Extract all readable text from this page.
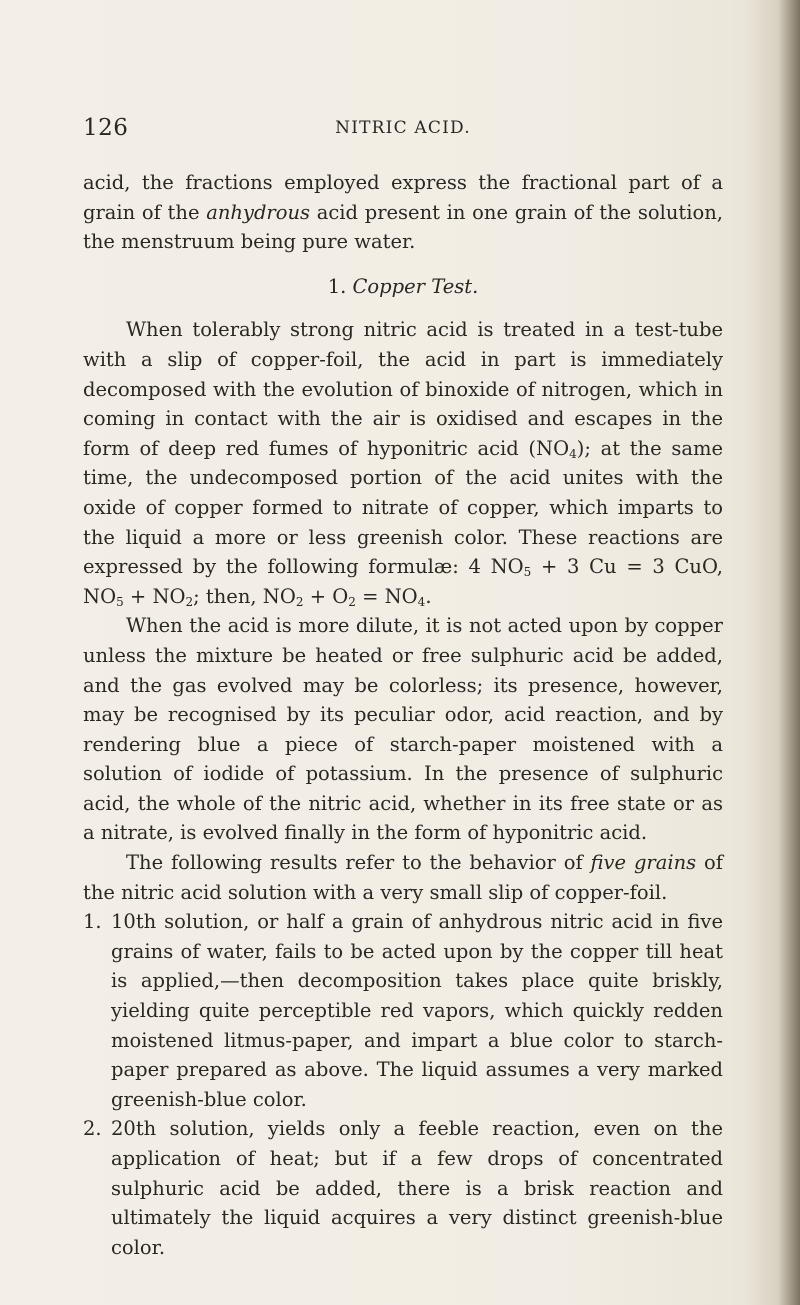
126	NITRIC ACID.

acid, the fractions employed express the fractional part of a grain of the anhydrous acid present in one grain of the solution, the menstruum being pure water.

1. Copper Test.

When tolerably strong nitric acid is treated in a test-tube with a slip of copper-foil, the acid in part is immediately decomposed with the evolution of binoxide of nitrogen, which in coming in contact with the air is oxidised and escapes in the form of deep red fumes of hyponitric acid $(NO_4)$; at the same time, the undecomposed portion of the acid unites with the oxide of copper formed to nitrate of copper, which imparts to the liquid a more or less greenish color. These reactions are expressed by the following formulæ: 4 $NO_5 + 3$ Cu = 3 CuO, $NO_5 + NO_2$; then, $NO_2 + O_2 = NO_4$.

When the acid is more dilute, it is not acted upon by copper unless the mixture be heated or free sulphuric acid be added, and the gas evolved may be colorless; its presence, however, may be recognised by its peculiar odor, acid reaction, and by rendering blue a piece of starch-paper moistened with a solution of iodide of potassium. In the presence of sulphuric acid, the whole of the nitric acid, whether in its free state or as a nitrate, is evolved finally in the form of hyponitric acid.

The following results refer to the behavior of five grains of the nitric acid solution with a very small slip of copper-foil.

1. 10th solution, or half a grain of anhydrous nitric acid in five grains of water, fails to be acted upon by the copper till heat is applied,—then decomposition takes place quite briskly, yielding quite perceptible red vapors, which quickly redden moistened litmus-paper, and impart a blue color to starch-paper prepared as above. The liquid assumes a very marked greenish-blue color.

2. 20th solution, yields only a feeble reaction, even on the application of heat; but if a few drops of concentrated sulphuric acid be added, there is a brisk reaction and ultimately the liquid acquires a very distinct greenish-blue color.
